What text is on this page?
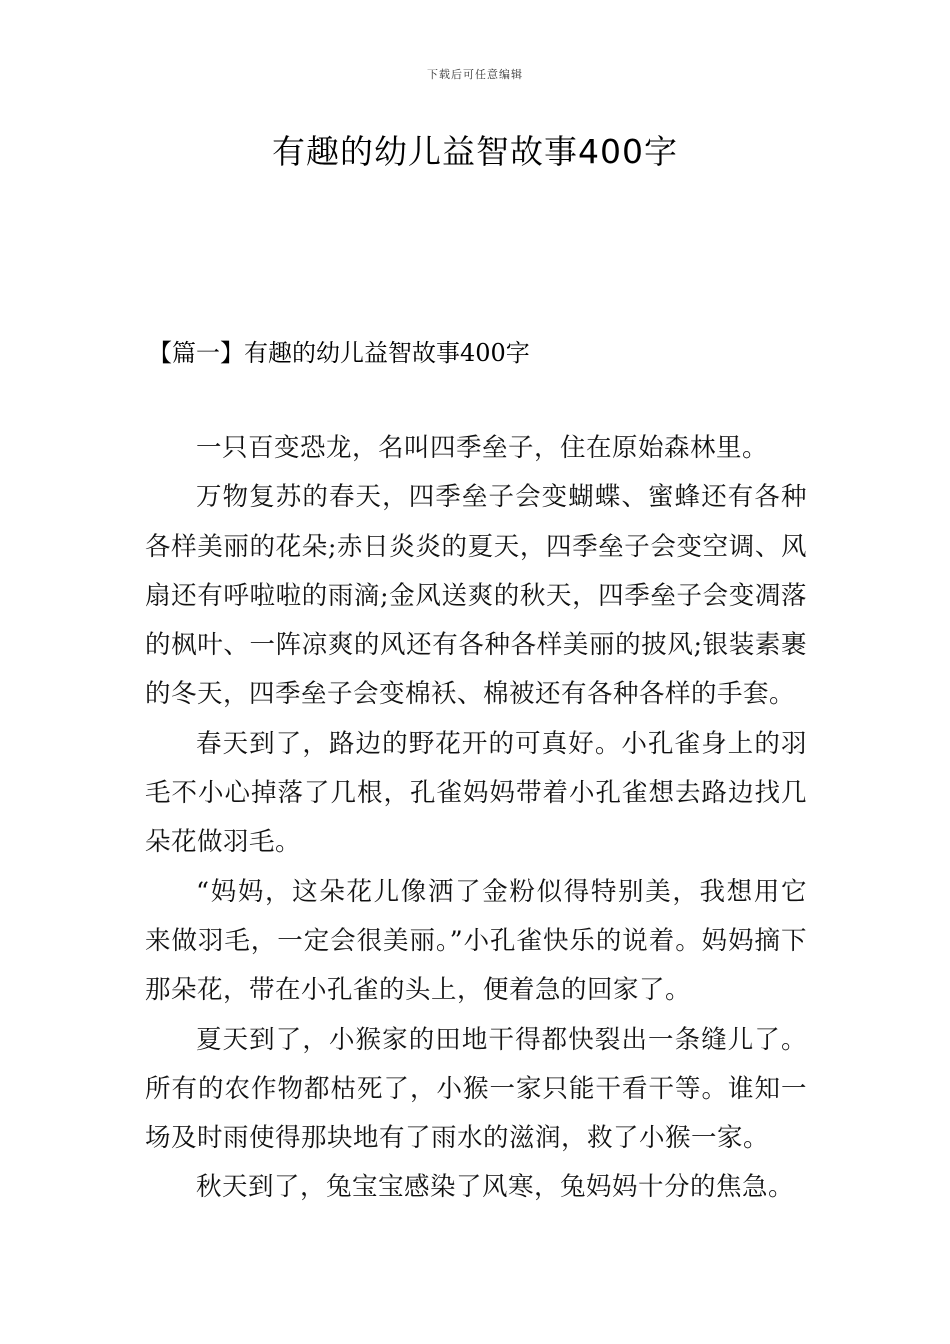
下载后可任意编辑
有趣的幼儿益智故事400字
【篇一】有趣的幼儿益智故事400字

一只百变恐龙，名叫四季垒子，住在原始森林里。

万物复苏的春天，四季垒子会变蝴蝶、蜜蜂还有各种各样美丽的花朵;赤日炎炎的夏天，四季垒子会变空调、风扇还有呼啦啦的雨滴;金风送爽的秋天，四季垒子会变凋落的枫叶、一阵凉爽的风还有各种各样美丽的披风;银装素裹的冬天，四季垒子会变棉袄、棉被还有各种各样的手套。

春天到了，路边的野花开的可真好。小孔雀身上的羽毛不小心掉落了几根，孔雀妈妈带着小孔雀想去路边找几朵花做羽毛。

“妈妈，这朵花儿像洒了金粉似得特别美，我想用它来做羽毛，一定会很美丽。”小孔雀快乐的说着。妈妈摘下那朵花，带在小孔雀的头上，便着急的回家了。

夏天到了，小猴家的田地干得都快裂出一条缝儿了。所有的农作物都枯死了，小猴一家只能干看干等。谁知一场及时雨使得那块地有了雨水的滋润，救了小猴一家。

秋天到了，兔宝宝感染了风寒，兔妈妈十分的焦急。
